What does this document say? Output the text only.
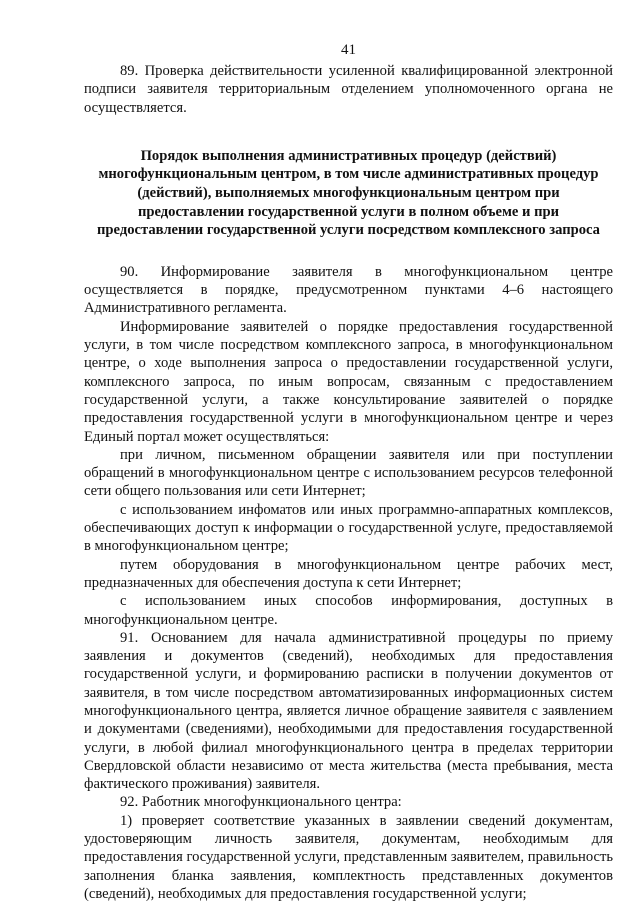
41

89. Проверка действительности усиленной квалифицированной электронной подписи заявителя территориальным отделением уполномоченного органа не осуществляется.

Порядок выполнения административных процедур (действий)
многофункциональным центром, в том числе административных процедур
(действий), выполняемых многофункциональным центром при
предоставлении государственной услуги в полном объеме и при
предоставлении государственной услуги посредством комплексного запроса

90. Информирование заявителя в многофункциональном центре осуществляется в порядке, предусмотренном пунктами 4–6 настоящего Административного регламента.

Информирование заявителей о порядке предоставления государственной услуги, в том числе посредством комплексного запроса, в многофункциональном центре, о ходе выполнения запроса о предоставлении государственной услуги, комплексного запроса, по иным вопросам, связанным с предоставлением государственной услуги, а также консультирование заявителей о порядке предоставления государственной услуги в многофункциональном центре и через Единый портал может осуществляться:

при личном, письменном обращении заявителя или при поступлении обращений в многофункциональном центре с использованием ресурсов телефонной сети общего пользования или сети Интернет;

с использованием инфоматов или иных программно-аппаратных комплексов, обеспечивающих доступ к информации о государственной услуге, предоставляемой в многофункциональном центре;

путем оборудования в многофункциональном центре рабочих мест, предназначенных для обеспечения доступа к сети Интернет;

с использованием иных способов информирования, доступных в многофункциональном центре.

91. Основанием для начала административной процедуры по приему заявления и документов (сведений), необходимых для предоставления государственной услуги, и формированию расписки в получении документов от заявителя, в том числе посредством автоматизированных информационных систем многофункционального центра, является личное обращение заявителя с заявлением и документами (сведениями), необходимыми для предоставления государственной услуги, в любой филиал многофункционального центра в пределах территории Свердловской области независимо от места жительства (места пребывания, места фактического проживания) заявителя.

92. Работник многофункционального центра:

1) проверяет соответствие указанных в заявлении сведений документам, удостоверяющим личность заявителя, документам, необходимым для предоставления государственной услуги, представленным заявителем, правильность заполнения бланка заявления, комплектность представленных документов (сведений), необходимых для предоставления государственной услуги;
